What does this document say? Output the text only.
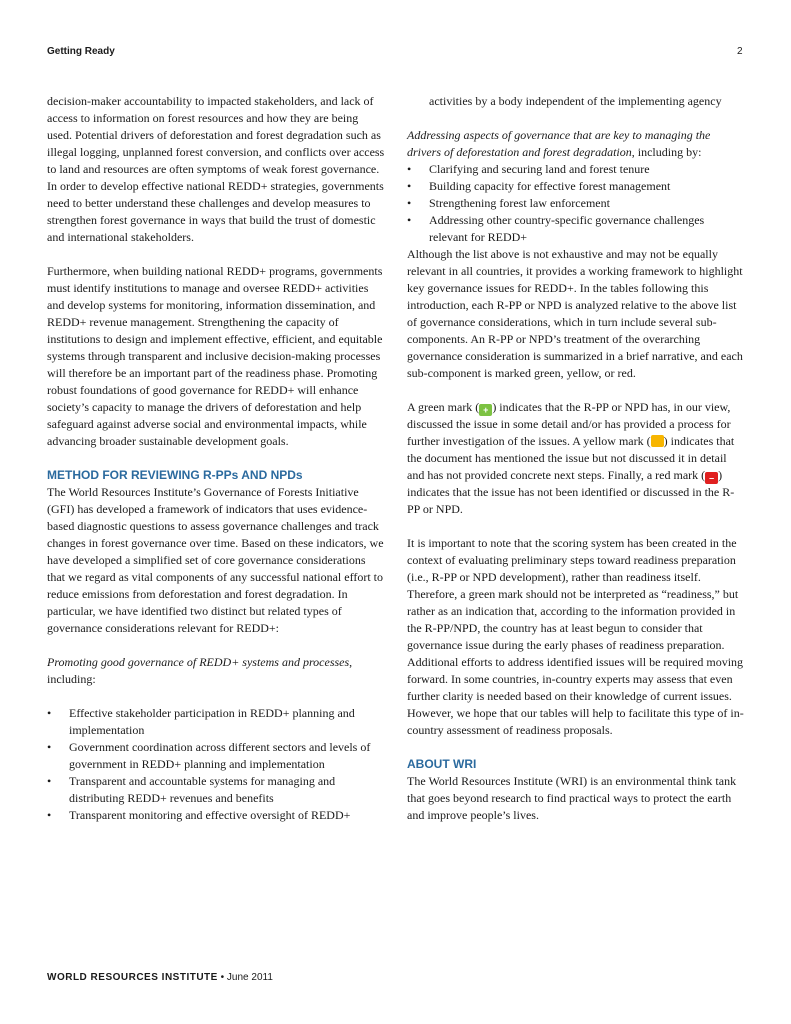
Getting Ready	2

decision-maker accountability to impacted stakeholders, and lack of access to information on forest resources and how they are being used. Potential drivers of deforestation and forest degradation such as illegal logging, unplanned forest conversion, and conflicts over access to land and resources are often symptoms of weak forest governance. In order to develop effective national REDD+ strategies, governments need to better understand these challenges and develop measures to strengthen forest governance in ways that build the trust of domestic and international stakeholders.

Furthermore, when building national REDD+ programs, governments must identify institutions to manage and oversee REDD+ activities and develop systems for monitoring, information dissemination, and REDD+ revenue management. Strengthening the capacity of institutions to design and implement effective, efficient, and equitable systems through transparent and inclusive decision-making processes will therefore be an important part of the readiness phase. Promoting robust foundations of good governance for REDD+ will enhance society’s capacity to manage the drivers of deforestation and help safeguard against adverse social and environmental impacts, while advancing broader sustainable development goals.

METHOD FOR REVIEWING R-PPs AND NPDs

The World Resources Institute’s Governance of Forests Initiative (GFI) has developed a framework of indicators that uses evidence-based diagnostic questions to assess governance challenges and track changes in forest governance over time. Based on these indicators, we have developed a simplified set of core governance considerations that we regard as vital components of any successful national effort to reduce emissions from deforestation and forest degradation. In particular, we have identified two distinct but related types of governance considerations relevant for REDD+:

Promoting good governance of REDD+ systems and processes, including:

• Effective stakeholder participation in REDD+ planning and implementation
• Government coordination across different sectors and levels of government in REDD+ planning and implementation
• Transparent and accountable systems for managing and distributing REDD+ revenues and benefits
• Transparent monitoring and effective oversight of REDD+

activities by a body independent of the implementing agency

Addressing aspects of governance that are key to managing the drivers of deforestation and forest degradation, including by:

• Clarifying and securing land and forest tenure
• Building capacity for effective forest management
• Strengthening forest law enforcement
• Addressing other country-specific governance challenges relevant for REDD+

Although the list above is not exhaustive and may not be equally relevant in all countries, it provides a working framework to highlight key governance issues for REDD+. In the tables following this introduction, each R-PP or NPD is analyzed relative to the above list of governance considerations, which in turn include several sub-components. An R-PP or NPD’s treatment of the overarching governance consideration is summarized in a brief narrative, and each sub-component is marked green, yellow, or red.

A green mark ( + ) indicates that the R-PP or NPD has, in our view, discussed the issue in some detail and/or has provided a process for further investigation of the issues. A yellow mark ( ) indicates that the document has mentioned the issue but not discussed it in detail and has not provided concrete next steps. Finally, a red mark ( – ) indicates that the issue has not been identified or discussed in the R-PP or NPD.

It is important to note that the scoring system has been created in the context of evaluating preliminary steps toward readiness preparation (i.e., R-PP or NPD development), rather than readiness itself. Therefore, a green mark should not be interpreted as “readiness,” but rather as an indication that, according to the information provided in the R-PP/NPD, the country has at least begun to consider that governance issue during the early phases of readiness preparation. Additional efforts to address identified issues will be required moving forward. In some countries, in-country experts may assess that even further clarity is needed based on their knowledge of current issues. However, we hope that our tables will help to facilitate this type of in-country assessment of readiness proposals.

ABOUT WRI

The World Resources Institute (WRI) is an environmental think tank that goes beyond research to find practical ways to protect the earth and improve people’s lives.

WORLD RESOURCES INSTITUTE • June 2011
